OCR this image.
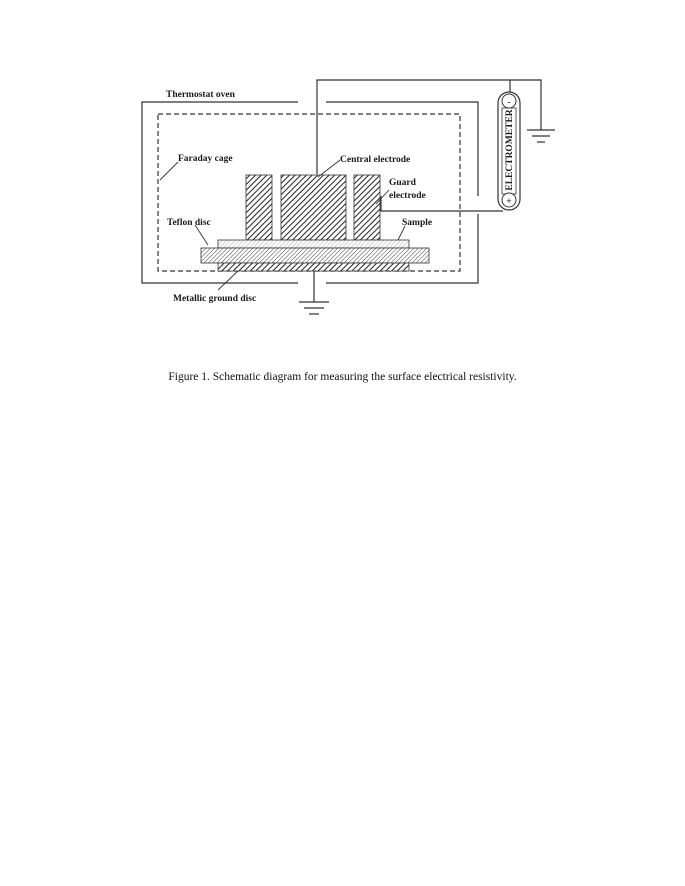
-
+
ELECTROMETER
Thermostat oven
Faraday cage	Central electrode
Guard
electrode
Teflon disc	Sample
Metallic ground disc
Figure 1. Schematic diagram for measuring the surface electrical resistivity.
